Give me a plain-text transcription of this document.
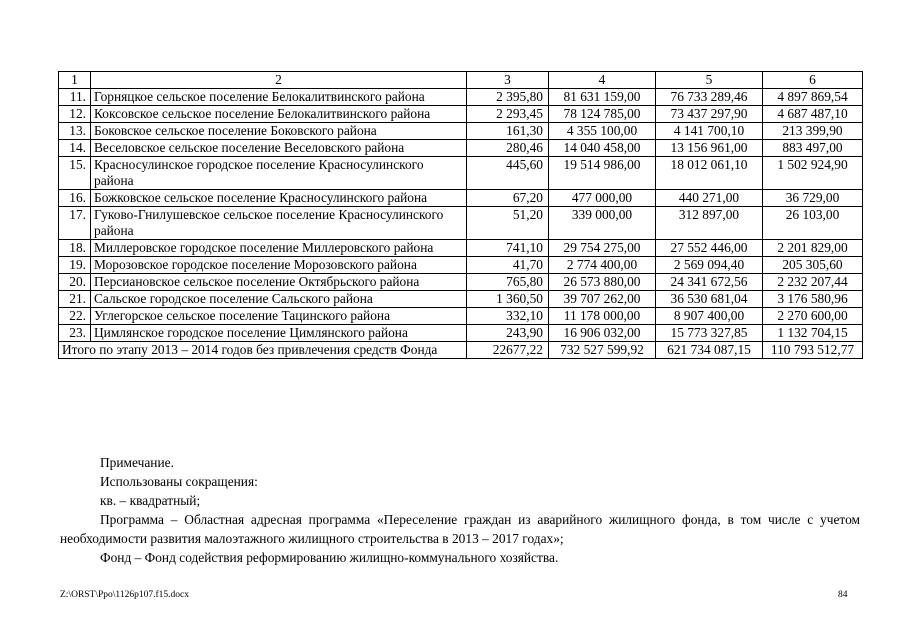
1	2	3	4	5	6
11.	Горняцкое сельское поселение Белокалитвинского района	2 395,80	81 631 159,00	76 733 289,46	4 897 869,54
12.	Коксовское сельское поселение Белокалитвинского района	2 293,45	78 124 785,00	73 437 297,90	4 687 487,10
13.	Боковское сельское поселение Боковского района	161,30	4 355 100,00	4 141 700,10	213 399,90
14.	Веселовское сельское поселение Веселовского района	280,46	14 040 458,00	13 156 961,00	883 497,00
15.	Красносулинское городское поселение Красносулинского района	445,60	19 514 986,00	18 012 061,10	1 502 924,90
16.	Божковское сельское поселение Красносулинского района	67,20	477 000,00	440 271,00	36 729,00
17.	Гуково-Гнилушевское сельское поселение Красносулинского района	51,20	339 000,00	312 897,00	26 103,00
18.	Миллеровское городское поселение Миллеровского района	741,10	29 754 275,00	27 552 446,00	2 201 829,00
19.	Морозовское городское поселение Морозовского района	41,70	2 774 400,00	2 569 094,40	205 305,60
20.	Персиановское сельское поселение Октябрьского района	765,80	26 573 880,00	24 341 672,56	2 232 207,44
21.	Сальское городское поселение Сальского района	1 360,50	39 707 262,00	36 530 681,04	3 176 580,96
22.	Углегорское сельское поселение Тацинского района	332,10	11 178 000,00	8 907 400,00	2 270 600,00
23.	Цимлянское городское поселение Цимлянского района	243,90	16 906 032,00	15 773 327,85	1 132 704,15
Итого по этапу 2013 – 2014 годов без привлечения средств Фонда		22677,22	732 527 599,92	621 734 087,15	110 793 512,77

Примечание.

Использованы сокращения:

кв. – квадратный;

Программа – Областная адресная программа «Переселение граждан из аварийного жилищного фонда, в том числе с учетом необходимости развития малоэтажного жилищного строительства в 2013 – 2017 годах»;

Фонд – Фонд содействия реформированию жилищно-коммунального хозяйства.

Z:\ORST\Ppo\1126p107.f15.docx	84
